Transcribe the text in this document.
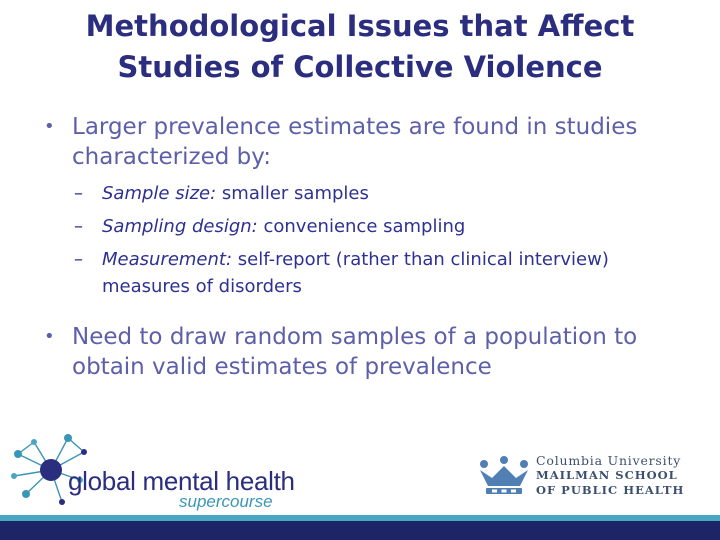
Methodological Issues that Affect
Studies of Collective Violence
• Larger prevalence estimates are found in studies characterized by:
– Sample size: smaller samples
– Sampling design: convenience sampling
– Measurement: self-report (rather than clinical interview) measures of disorders
• Need to draw random samples of a population to obtain valid estimates of prevalence
global mental health
supercourse
Columbia University
MAILMAN SCHOOL
OF PUBLIC HEALTH
